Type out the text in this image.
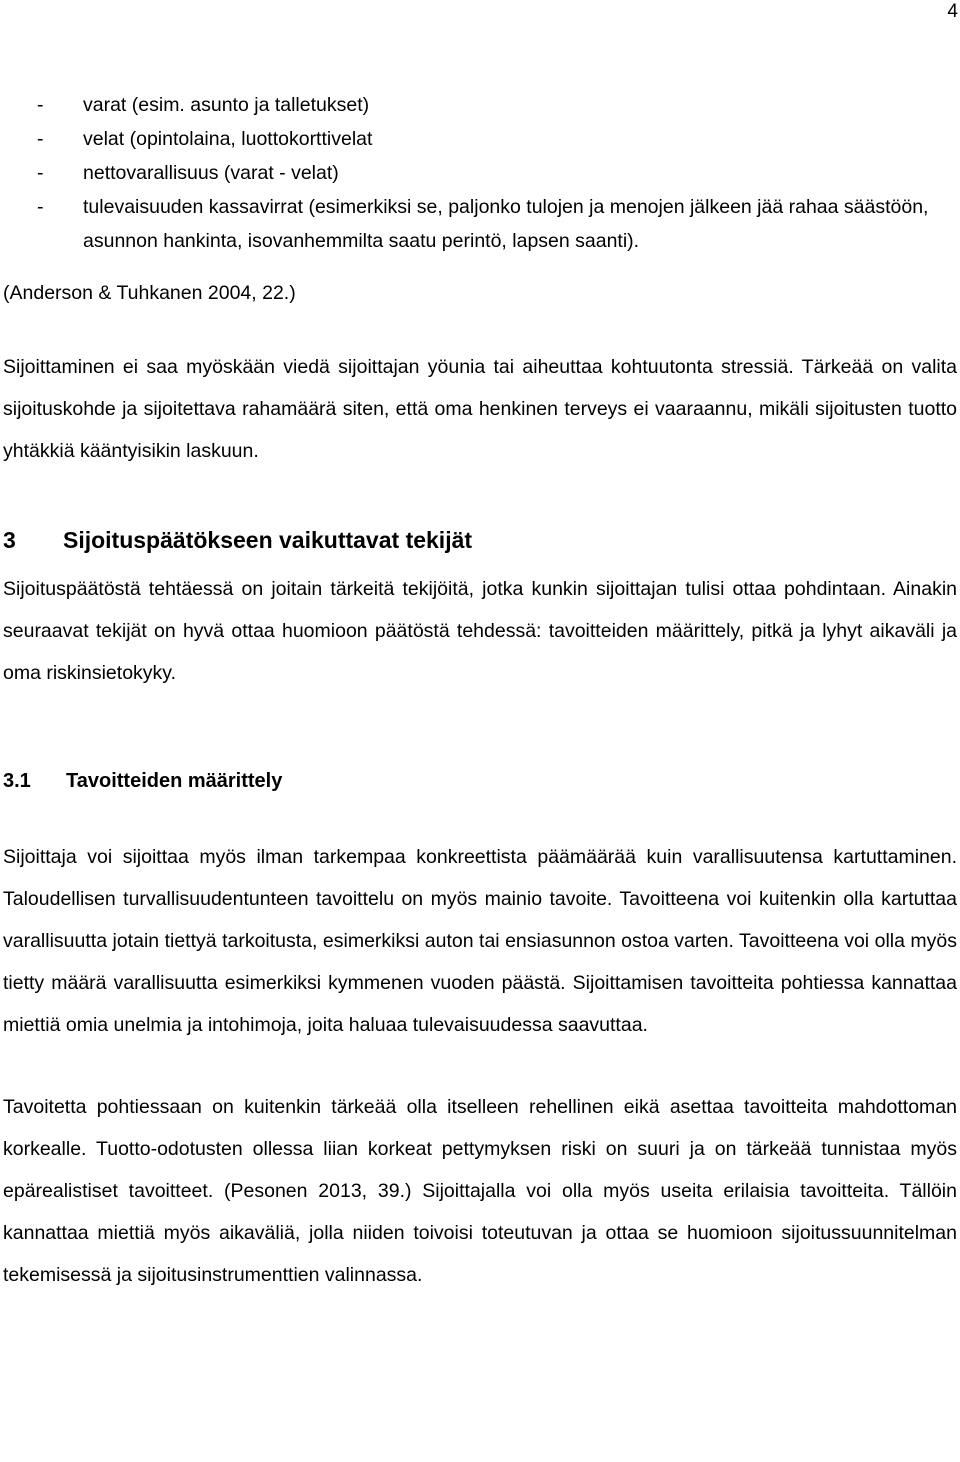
4
- varat (esim. asunto ja talletukset)
- velat (opintolaina, luottokorttivelat
- nettovarallisuus (varat - velat)
- tulevaisuuden kassavirrat (esimerkiksi se, paljonko tulojen ja menojen jälkeen jää rahaa säästöön, asunnon hankinta, isovanhemmilta saatu perintö, lapsen saanti).

(Anderson & Tuhkanen 2004, 22.)

Sijoittaminen ei saa myöskään viedä sijoittajan yöunia tai aiheuttaa kohtuutonta stressiä. Tärkeää on valita sijoituskohde ja sijoitettava rahamäärä siten, että oma henkinen terveys ei vaaraannu, mikäli sijoitusten tuotto yhtäkkiä kääntyisikin laskuun.

3	Sijoituspäätökseen vaikuttavat tekijät

Sijoituspäätöstä tehtäessä on joitain tärkeitä tekijöitä, jotka kunkin sijoittajan tulisi ottaa pohdintaan. Ainakin seuraavat tekijät on hyvä ottaa huomioon päätöstä tehdessä: tavoitteiden määrittely, pitkä ja lyhyt aikaväli ja oma riskinsietokyky.

3.1	Tavoitteiden määrittely

Sijoittaja voi sijoittaa myös ilman tarkempaa konkreettista päämäärää kuin varallisuutensa kartuttaminen. Taloudellisen turvallisuudentunteen tavoittelu on myös mainio tavoite. Tavoitteena voi kuitenkin olla kartuttaa varallisuutta jotain tiettyä tarkoitusta, esimerkiksi auton tai ensiasunnon ostoa varten. Tavoitteena voi olla myös tietty määrä varallisuutta esimerkiksi kymmenen vuoden päästä. Sijoittamisen tavoitteita pohtiessa kannattaa miettiä omia unelmia ja intohimoja, joita haluaa tulevaisuudessa saavuttaa.

Tavoitetta pohtiessaan on kuitenkin tärkeää olla itselleen rehellinen eikä asettaa tavoitteita mahdottoman korkealle. Tuotto-odotusten ollessa liian korkeat pettymyksen riski on suuri ja on tärkeää tunnistaa myös epärealistiset tavoitteet. (Pesonen 2013, 39.) Sijoittajalla voi olla myös useita erilaisia tavoitteita. Tällöin kannattaa miettiä myös aikaväliä, jolla niiden toivoisi toteutuvan ja ottaa se huomioon sijoitussuunnitelman tekemisessä ja sijoitusinstrumenttien valinnassa.
